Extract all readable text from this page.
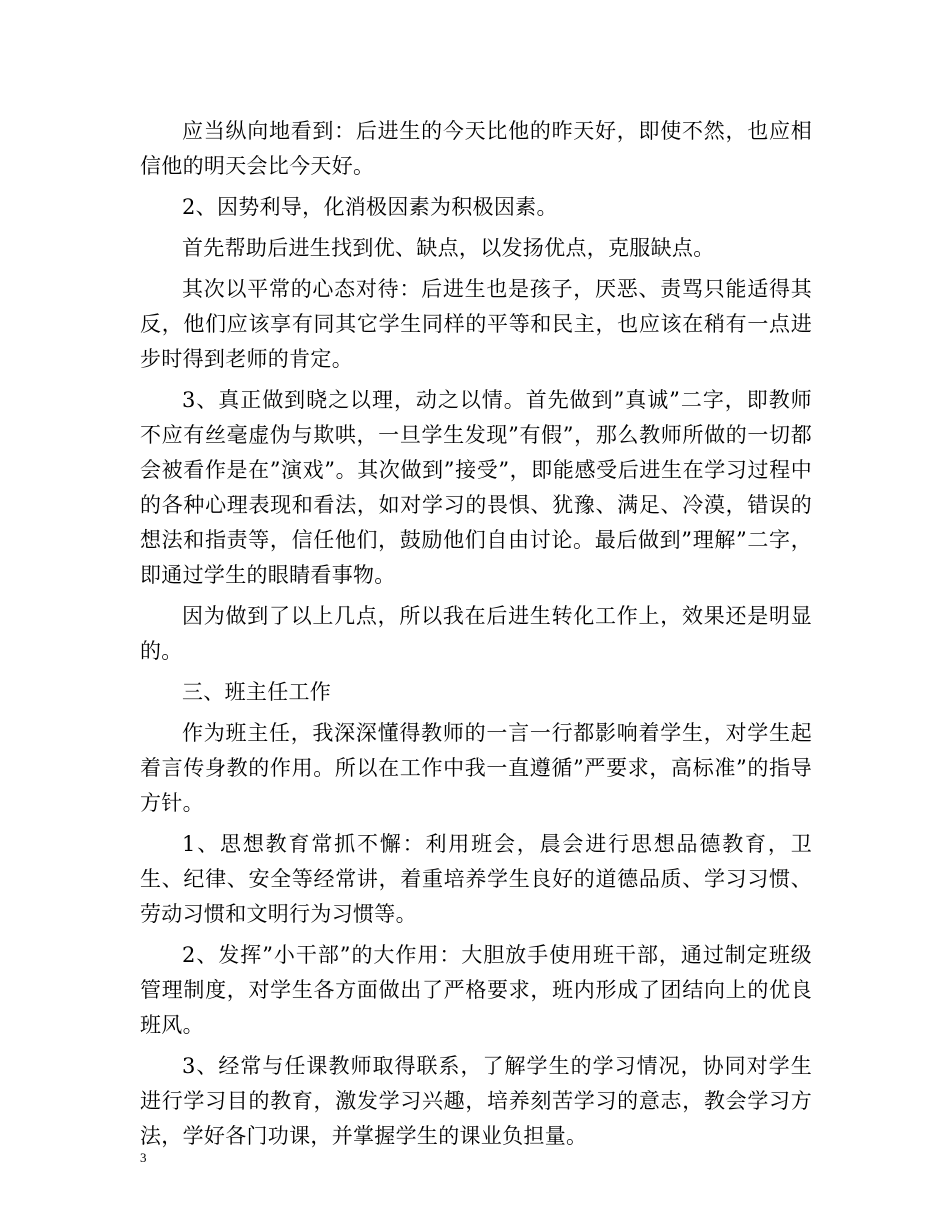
应当纵向地看到：后进生的今天比他的昨天好，即使不然，也应相信他的明天会比今天好。

2、因势利导，化消极因素为积极因素。

首先帮助后进生找到优、缺点，以发扬优点，克服缺点。

其次以平常的心态对待：后进生也是孩子，厌恶、责骂只能适得其反，他们应该享有同其它学生同样的平等和民主，也应该在稍有一点进步时得到老师的肯定。

3、真正做到晓之以理，动之以情。首先做到”真诚”二字，即教师不应有丝毫虚伪与欺哄，一旦学生发现”有假”，那么教师所做的一切都会被看作是在”演戏”。其次做到”接受”，即能感受后进生在学习过程中的各种心理表现和看法，如对学习的畏惧、犹豫、满足、冷漠，错误的想法和指责等，信任他们，鼓励他们自由讨论。最后做到”理解”二字，即通过学生的眼睛看事物。

因为做到了以上几点，所以我在后进生转化工作上，效果还是明显的。

三、班主任工作

作为班主任，我深深懂得教师的一言一行都影响着学生，对学生起着言传身教的作用。所以在工作中我一直遵循”严要求，高标准”的指导方针。

1、思想教育常抓不懈：利用班会，晨会进行思想品德教育，卫生、纪律、安全等经常讲，着重培养学生良好的道德品质、学习习惯、劳动习惯和文明行为习惯等。

2、发挥”小干部”的大作用：大胆放手使用班干部，通过制定班级管理制度，对学生各方面做出了严格要求，班内形成了团结向上的优良班风。

3、经常与任课教师取得联系，了解学生的学习情况，协同对学生进行学习目的教育，激发学习兴趣，培养刻苦学习的意志，教会学习方法，学好各门功课，并掌握学生的课业负担量。

3
